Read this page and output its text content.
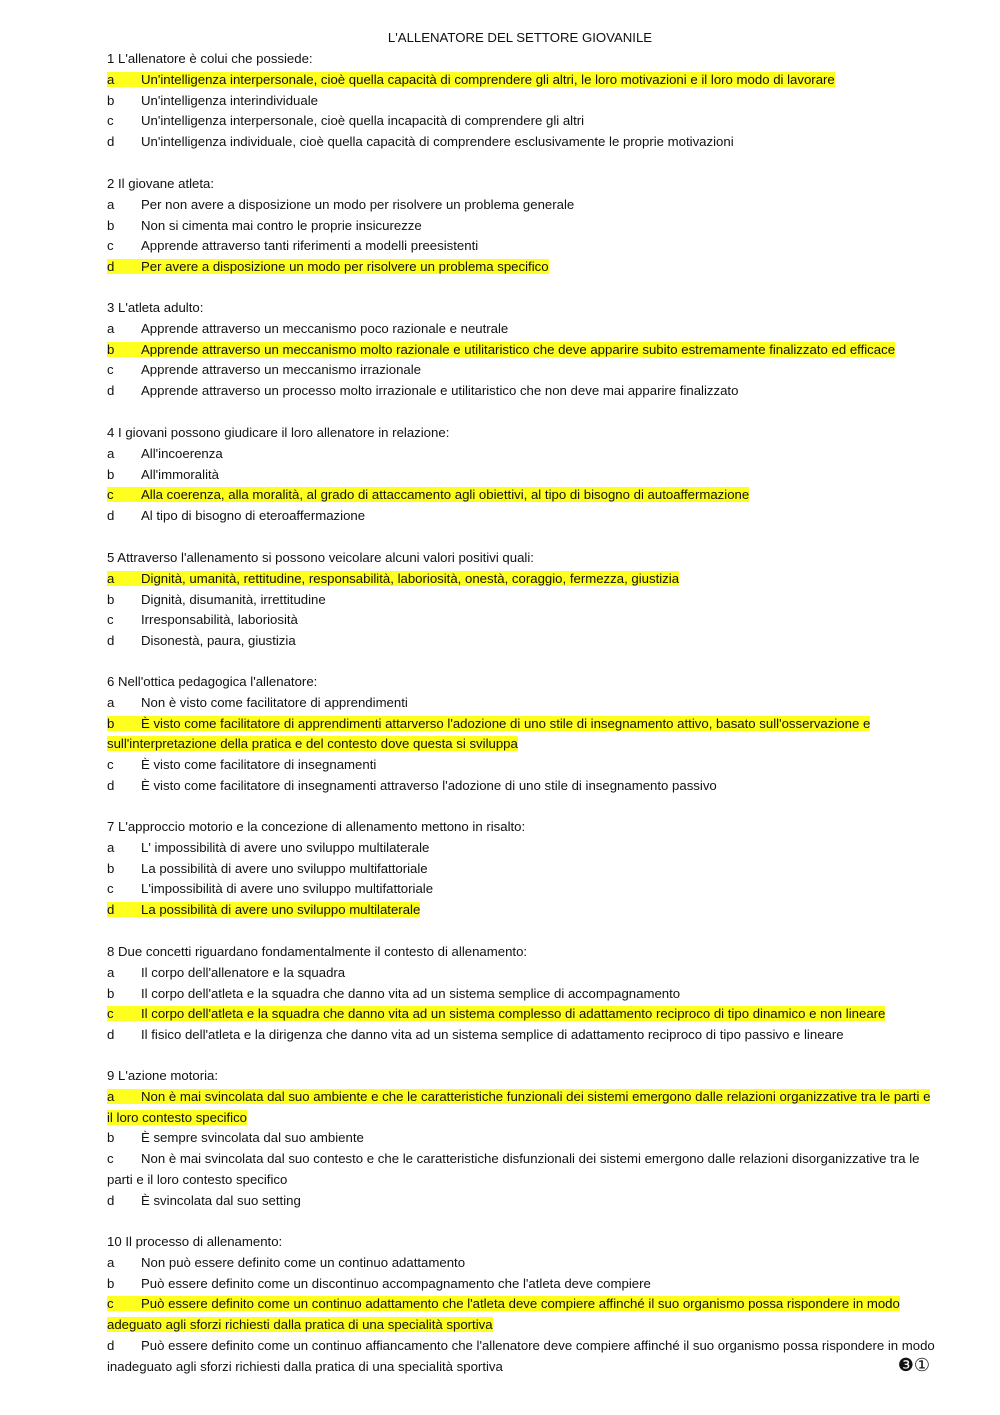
L'ALLENATORE DEL SETTORE GIOVANILE

1 L'allenatore è colui che possiede:

a Un'intelligenza interpersonale, cioè quella capacità di comprendere gli altri, le loro motivazioni e il loro modo di lavorare

b Un'intelligenza interindividuale

c Un'intelligenza interpersonale, cioè quella incapacità di comprendere gli altri

d Un'intelligenza individuale, cioè quella capacità di comprendere esclusivamente le proprie motivazioni

2 Il giovane atleta:

a Per non avere a disposizione un modo per risolvere un problema generale

b Non si cimenta mai contro le proprie insicurezze

c Apprende attraverso tanti riferimenti a modelli preesistenti

d Per avere a disposizione un modo per risolvere un problema specifico

3 L'atleta adulto:

a Apprende attraverso un meccanismo poco razionale e neutrale

b Apprende attraverso un meccanismo molto razionale e utilitaristico che deve apparire subito estremamente finalizzato ed efficace

c Apprende attraverso un meccanismo irrazionale

d Apprende attraverso un processo molto irrazionale e utilitaristico che non deve mai apparire finalizzato

4 I giovani possono giudicare il loro allenatore in relazione:

a All'incoerenza

b All'immoralità

c Alla coerenza, alla moralità, al grado di attaccamento agli obiettivi, al tipo di bisogno di autoaffermazione

d Al tipo di bisogno di eteroaffermazione

5 Attraverso l'allenamento si possono veicolare alcuni valori positivi quali:

a Dignità, umanità, rettitudine, responsabilità, laboriosità, onestà, coraggio, fermezza, giustizia

b Dignità, disumanità, irrettitudine

c Irresponsabilità, laboriosità

d Disonestà, paura, giustizia

6 Nell'ottica pedagogica l'allenatore:

a Non è visto come facilitatore di apprendimenti

b È visto come facilitatore di apprendimenti attarverso l'adozione di uno stile di insegnamento attivo, basato sull'osservazione e sull'interpretazione della pratica e del contesto dove questa si sviluppa

c È visto come facilitatore di insegnamenti

d È visto come facilitatore di insegnamenti attraverso l'adozione di uno stile di insegnamento passivo

7 L'approccio motorio e la concezione di allenamento mettono in risalto:

a L' impossibilità di avere uno sviluppo multilaterale

b La possibilità di avere uno sviluppo multifattoriale

c L'impossibilità di avere uno sviluppo multifattoriale

d La possibilità di avere uno sviluppo multilaterale

8 Due concetti riguardano fondamentalmente il contesto di allenamento:

a Il corpo dell'allenatore e la squadra

b Il corpo dell'atleta e la squadra che danno vita ad un sistema semplice di accompagnamento

c Il corpo dell'atleta e la squadra che danno vita ad un sistema complesso di adattamento reciproco di tipo dinamico e non lineare

d Il fisico dell'atleta e la dirigenza che danno vita ad un sistema semplice di adattamento reciproco di tipo passivo e lineare

9 L'azione motoria:

a Non è mai svincolata dal suo ambiente e che le caratteristiche funzionali dei sistemi emergono dalle relazioni organizzative tra le parti e il loro contesto specifico

b È sempre svincolata dal suo ambiente

c Non è mai svincolata dal suo contesto e che le caratteristiche disfunzionali dei sistemi emergono dalle relazioni disorganizzative tra le parti e il loro contesto specifico

d È svincolata dal suo setting

10 Il processo di allenamento:

a Non può essere definito come un continuo adattamento

b Può essere definito come un discontinuo accompagnamento che l'atleta deve compiere

c Può essere definito come un continuo adattamento che l'atleta deve compiere affinché il suo organismo possa rispondere in modo adeguato agli sforzi richiesti dalla pratica di una specialità sportiva

d Può essere definito come un continuo affiancamento che l'allenatore deve compiere affinché il suo organismo possa rispondere in modo inadeguato agli sforzi richiesti dalla pratica di una specialità sportiva	❸①
